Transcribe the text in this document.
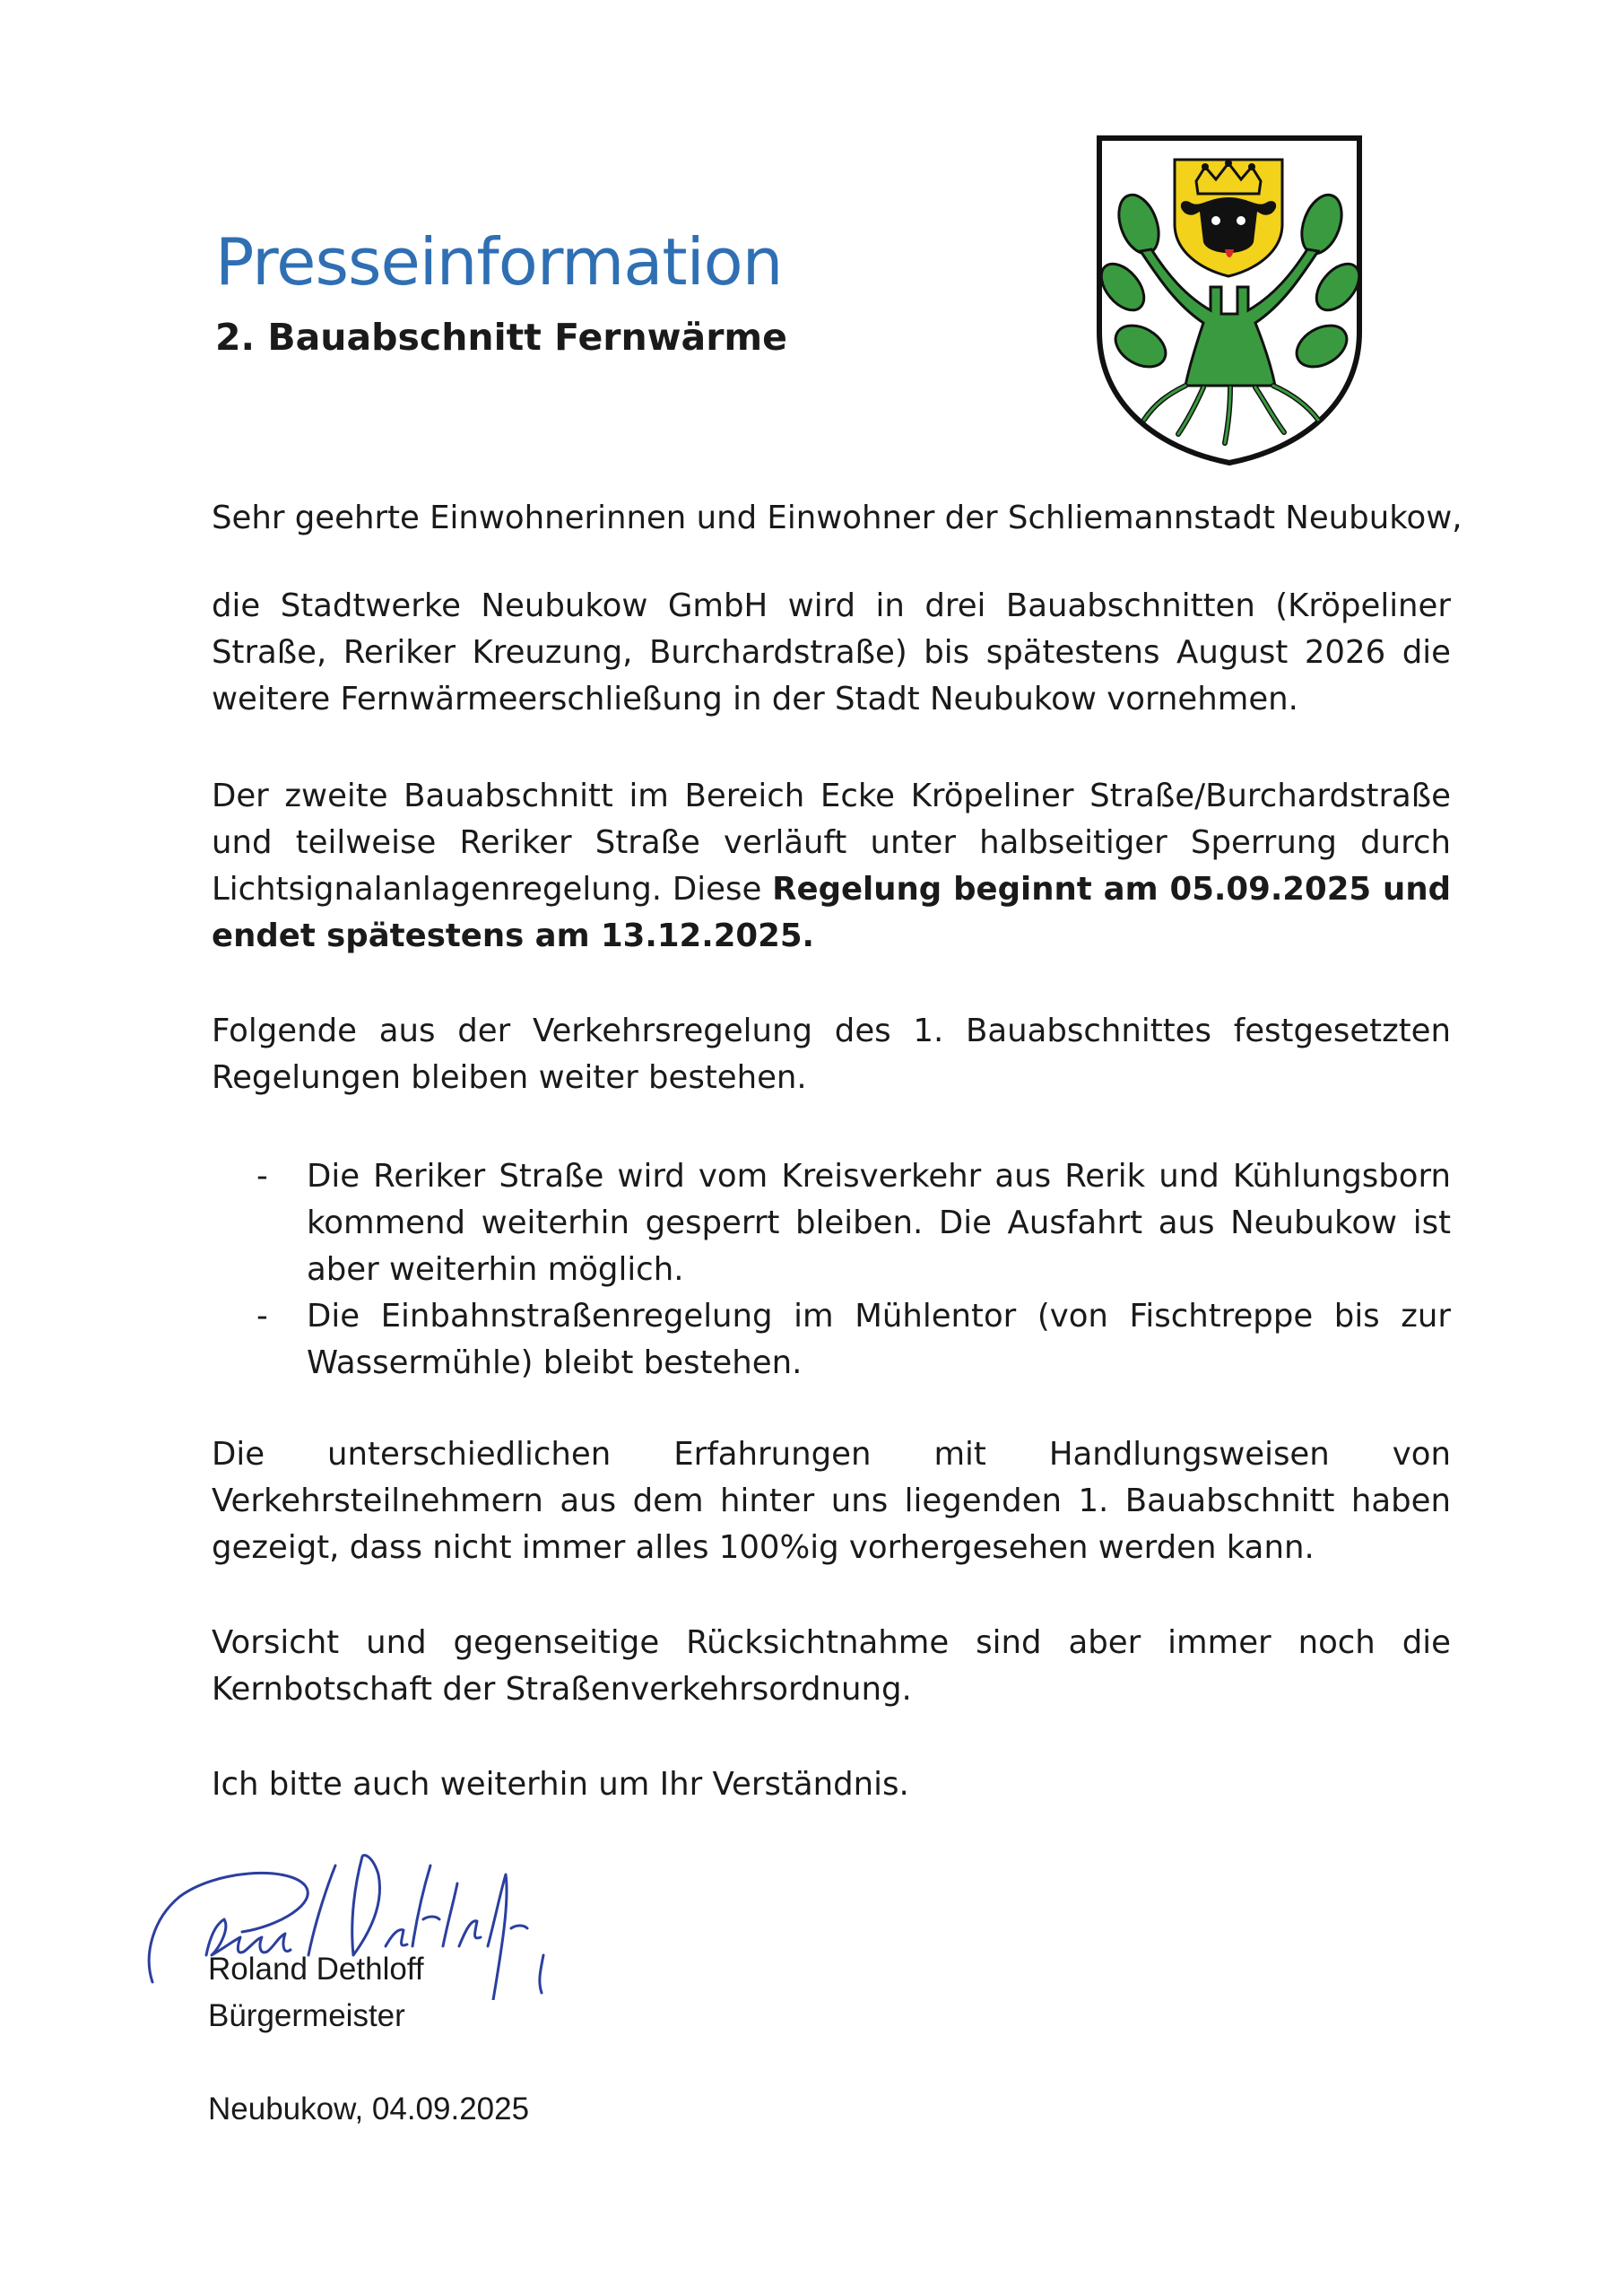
Presseinformation
2. Bauabschnitt Fernwärme
Sehr geehrte Einwohnerinnen und Einwohner der Schliemannstadt Neubukow,

die Stadtwerke Neubukow GmbH wird in drei Bauabschnitten (Kröpeliner Straße, Reriker Kreuzung, Burchardstraße) bis spätestens August 2026 die weitere Fernwärmeerschließung in der Stadt Neubukow vornehmen.

Der zweite Bauabschnitt im Bereich Ecke Kröpeliner Straße/Burchardstraße und teilweise Reriker Straße verläuft unter halbseitiger Sperrung durch Lichtsignalanlagenregelung. Diese Regelung beginnt am 05.09.2025 und endet spätestens am 13.12.2025.

Folgende aus der Verkehrsregelung des 1. Bauabschnittes festgesetzten Regelungen bleiben weiter bestehen.

- Die Reriker Straße wird vom Kreisverkehr aus Rerik und Kühlungsborn kommend weiterhin gesperrt bleiben. Die Ausfahrt aus Neubukow ist aber weiterhin möglich.
- Die Einbahnstraßenregelung im Mühlentor (von Fischtreppe bis zur Wassermühle) bleibt bestehen.

Die unterschiedlichen Erfahrungen mit Handlungsweisen von Verkehrsteilnehmern aus dem hinter uns liegenden 1. Bauabschnitt haben gezeigt, dass nicht immer alles 100%ig vorhergesehen werden kann.

Vorsicht und gegenseitige Rücksichtnahme sind aber immer noch die Kernbotschaft der Straßenverkehrsordnung.

Ich bitte auch weiterhin um Ihr Verständnis.
Roland Dethloff
Bürgermeister
Neubukow, 04.09.2025
